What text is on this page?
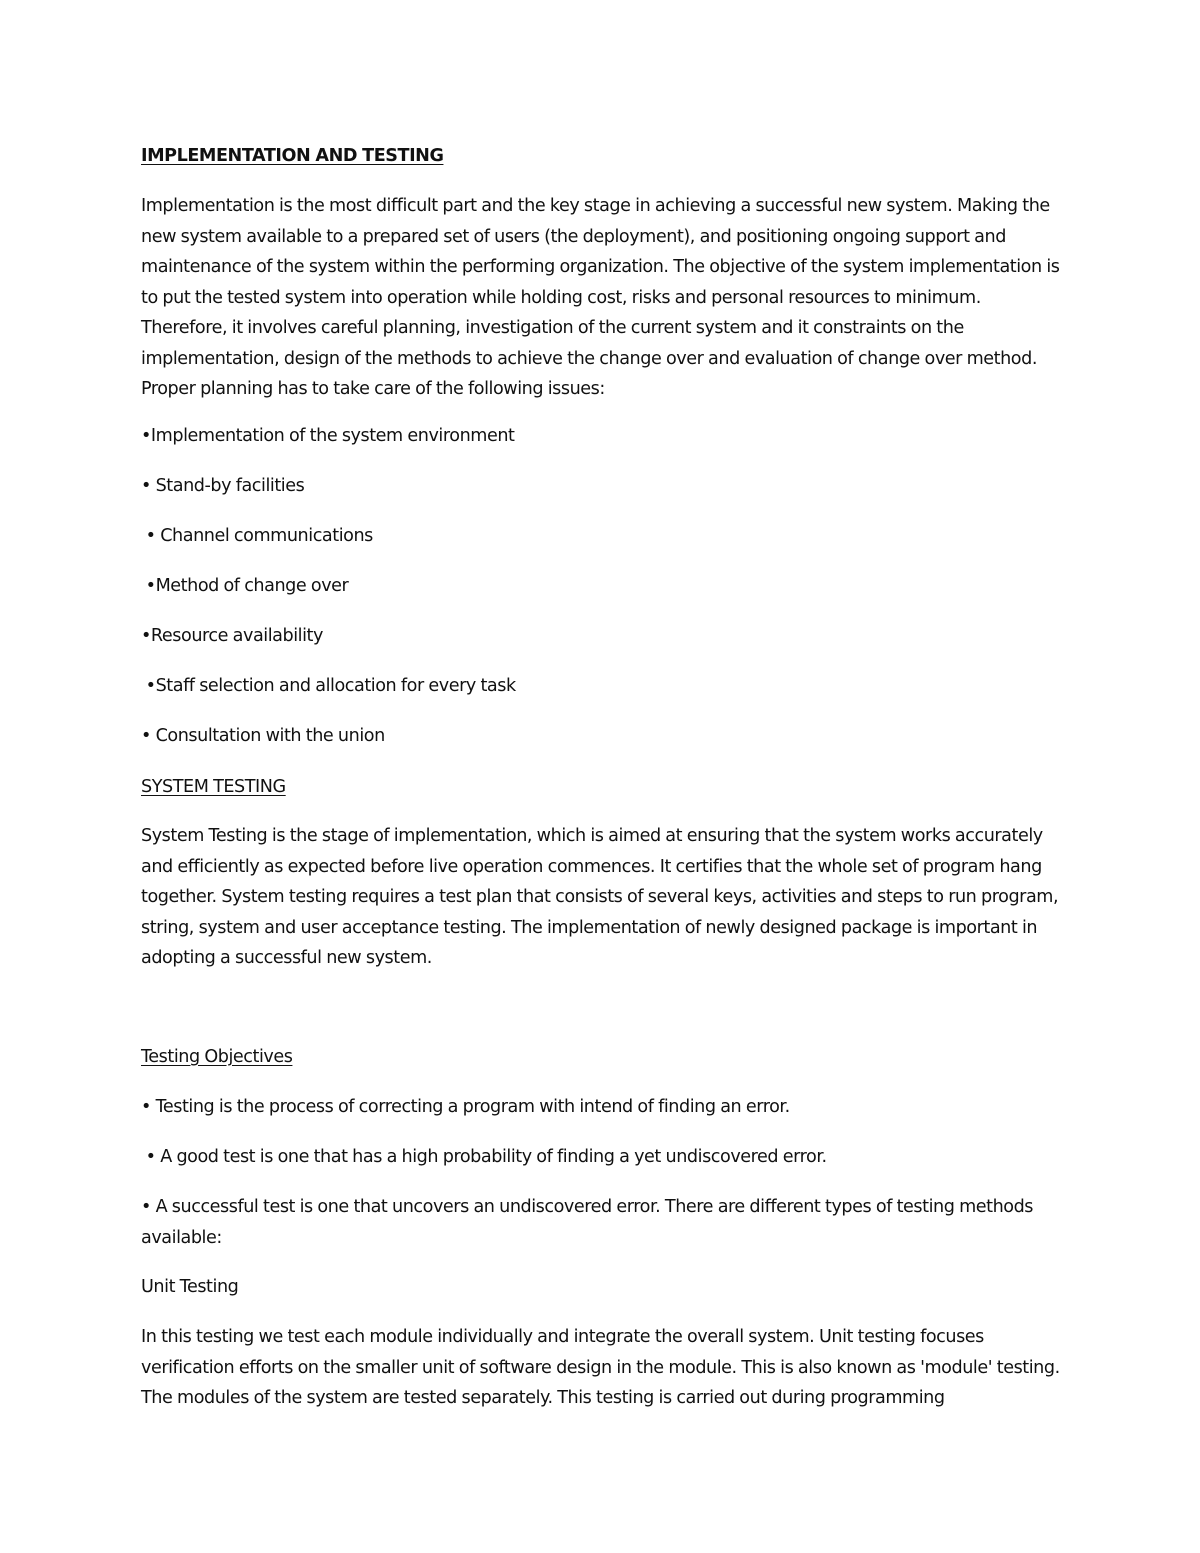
IMPLEMENTATION AND TESTING

Implementation is the most difficult part and the key stage in achieving a successful new system. Making the new system available to a prepared set of users (the deployment), and positioning ongoing support and maintenance of the system within the performing organization. The objective of the system implementation is to put the tested system into operation while holding cost, risks and personal resources to minimum. Therefore, it involves careful planning, investigation of the current system and it constraints on the implementation, design of the methods to achieve the change over and evaluation of change over method. Proper planning has to take care of the following issues:

•Implementation of the system environment
• Stand-by facilities
• Channel communications
•Method of change over
•Resource availability
•Staff selection and allocation for every task
• Consultation with the union
SYSTEM TESTING

System Testing is the stage of implementation, which is aimed at ensuring that the system works accurately and efficiently as expected before live operation commences. It certifies that the whole set of program hang together. System testing requires a test plan that consists of several keys, activities and steps to run program, string, system and user acceptance testing. The implementation of newly designed package is important in adopting a successful new system.

Testing Objectives
• Testing is the process of correcting a program with intend of finding an error.
• A good test is one that has a high probability of finding a yet undiscovered error.
• A successful test is one that uncovers an undiscovered error. There are different types of testing methods available:
Unit Testing

In this testing we test each module individually and integrate the overall system. Unit testing focuses verification efforts on the smaller unit of software design in the module. This is also known as 'module' testing. The modules of the system are tested separately. This testing is carried out during programming
